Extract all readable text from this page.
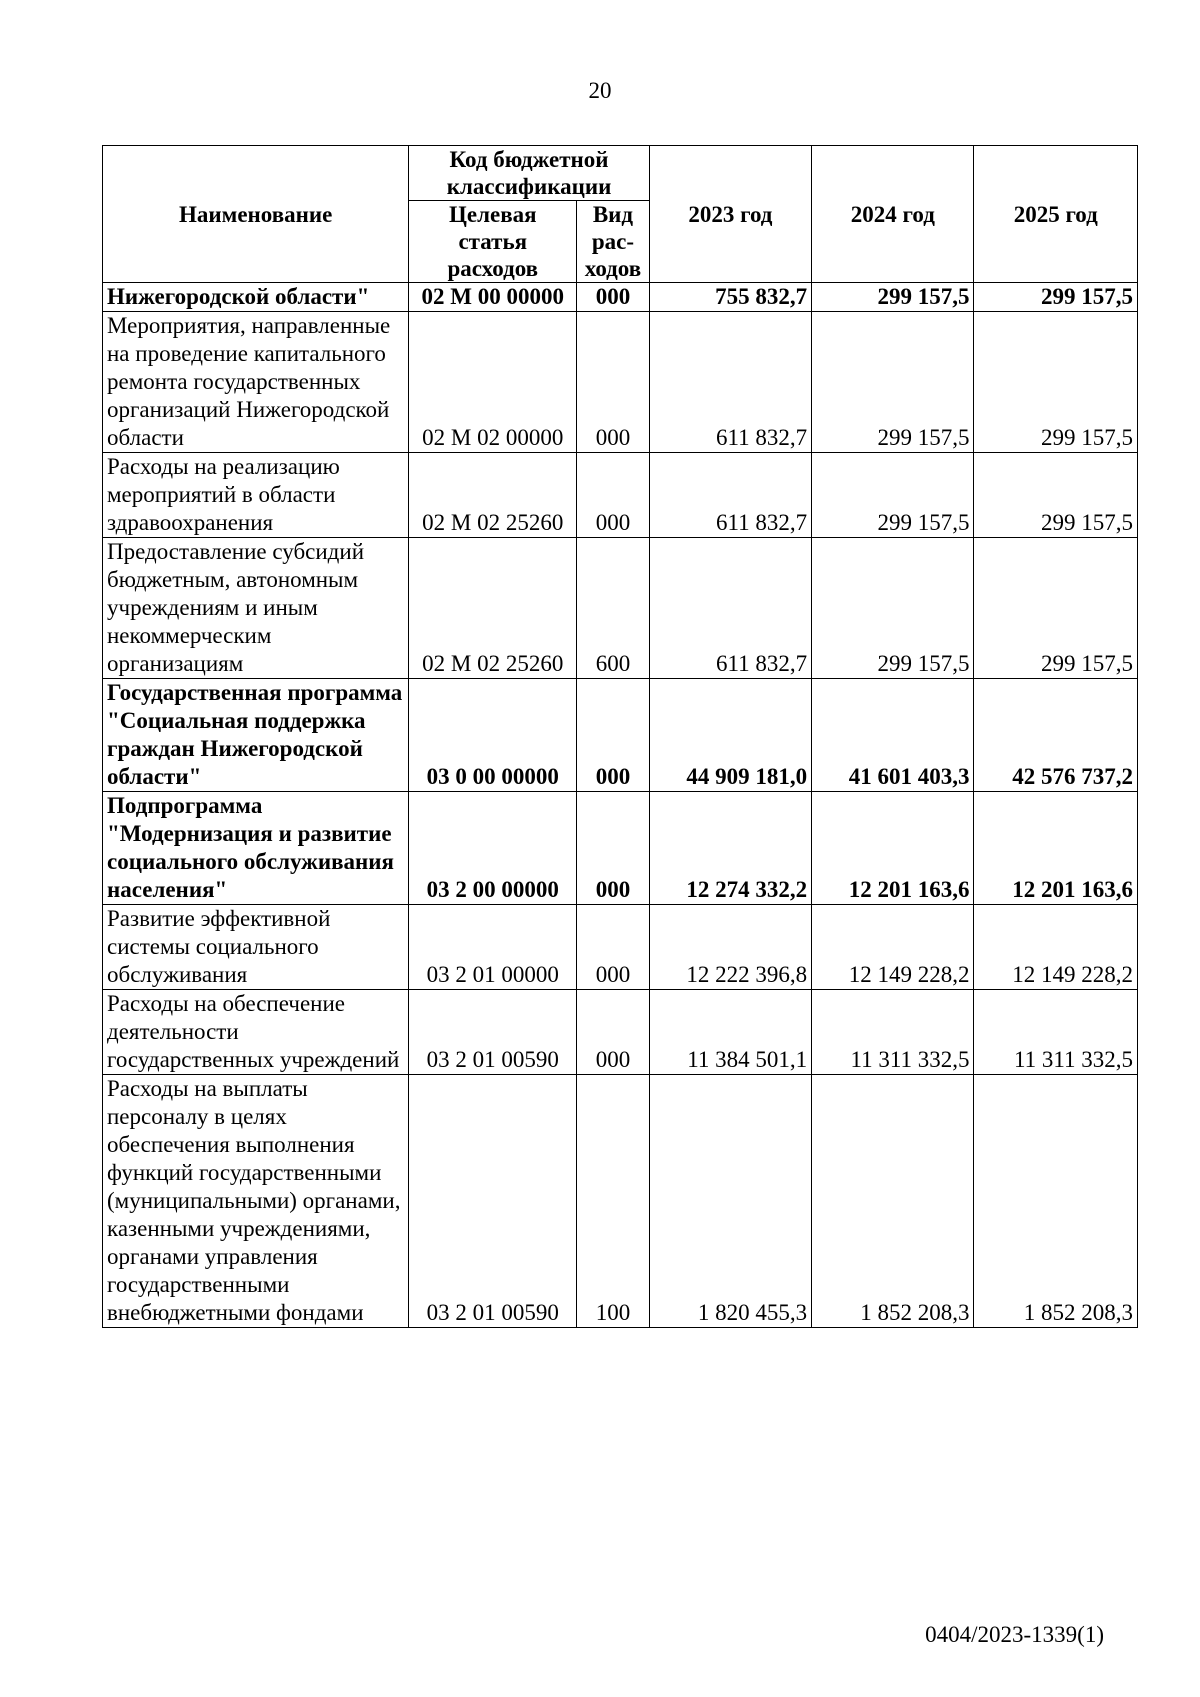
20
Наименование	Код бюджетной классификации		2023 год	2024 год	2025 год
	Целевая статья расходов	Вид рас-ходов			
Нижегородской области"	02 М 00 00000	000	755 832,7	299 157,5	299 157,5
Мероприятия, направленные на проведение капитального ремонта государственных организаций Нижегородской области	02 М 02 00000	000	611 832,7	299 157,5	299 157,5
Расходы на реализацию мероприятий в области здравоохранения	02 М 02 25260	000	611 832,7	299 157,5	299 157,5
Предоставление субсидий бюджетным, автономным учреждениям и иным некоммерческим организациям	02 М 02 25260	600	611 832,7	299 157,5	299 157,5
Государственная программа "Социальная поддержка граждан Нижегородской области"	03 0 00 00000	000	44 909 181,0	41 601 403,3	42 576 737,2
Подпрограмма "Модернизация и развитие социального обслуживания населения"	03 2 00 00000	000	12 274 332,2	12 201 163,6	12 201 163,6
Развитие эффективной системы социального обслуживания	03 2 01 00000	000	12 222 396,8	12 149 228,2	12 149 228,2
Расходы на обеспечение деятельности государственных учреждений	03 2 01 00590	000	11 384 501,1	11 311 332,5	11 311 332,5
Расходы на выплаты персоналу в целях обеспечения выполнения функций государственными (муниципальными) органами, казенными учреждениями, органами управления государственными внебюджетными фондами	03 2 01 00590	100	1 820 455,3	1 852 208,3	1 852 208,3
0404/2023-1339(1)
